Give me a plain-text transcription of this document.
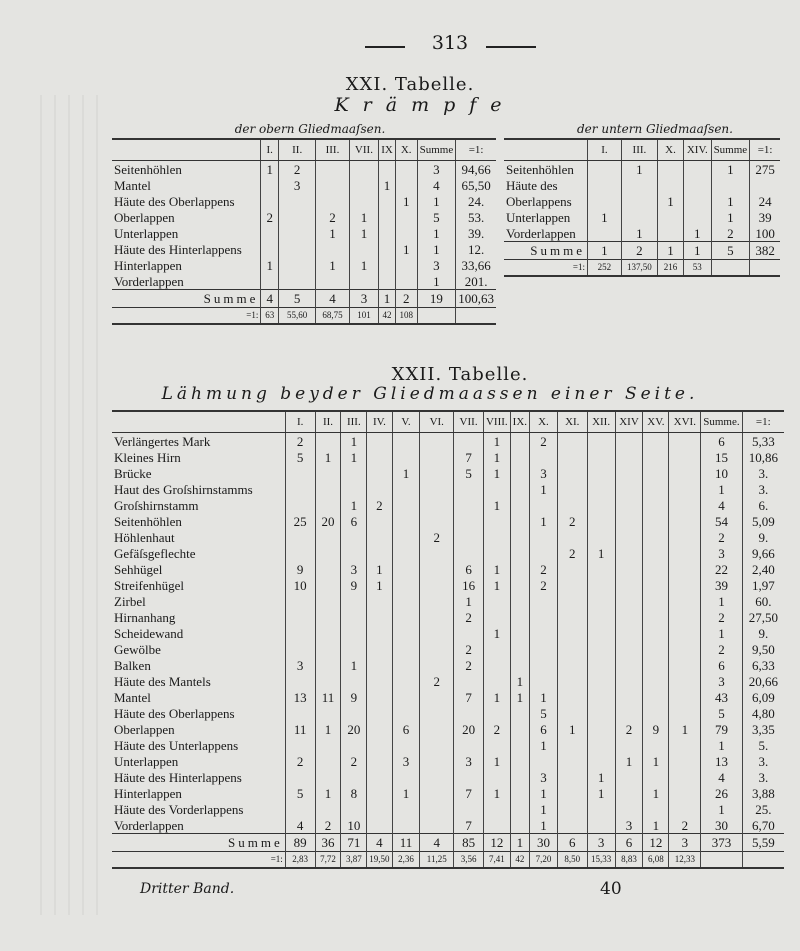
313
XXI. Tabelle.
Krämpfe
der obern Gliedmaaſsen.	der untern Gliedmaaſsen.
	I.	II.	III.	VII.	IX	X.	Summe	=1:
Seitenhöhlen	1	2					3	94,66
Mantel		3			1		4	65,50
Häute des Oberlappens						1	1	24.
Oberlappen	2		2	1			5	53.
Unterlappen			1	1			1	39.
Häute des Hinterlappens						1	1	12.
Hinterlappen	1		1	1			3	33,66
Vorderlappen							1	201.
Summe	4	5	4	3	1	2	19	100,63
=1:	63	55,60	68,75	101	42	108		
	I.	III.	X.	XIV.	Summe	=1:
Seitenhöhlen		1			1	275
Häute des						
Oberlappens			1		1	24
Unterlappen	1				1	39
Vorderlappen		1		1	2	100
Summe	1	2	1	1	5	382
=1:	252	137,50	216	53		
XXII. Tabelle.
Lähmung beyder Gliedmaassen einer Seite.
	I.	II.	III.	IV.	V.	VI.	VII.	VIII.	IX.	X.	XI.	XII.	XIV	XV.	XVI.	Summe.	=1:
Verlängertes Mark	2		1					1		2						6	5,33
Kleines Hirn	5	1	1				7	1								15	10,86
Brücke					1		5	1		3						10	3.
Haut des Groſshirnstamms										1						1	3.
Groſshirnstamm			1	2				1								4	6.
Seitenhöhlen	25	20	6							1	2					54	5,09
Höhlenhaut						2										2	9.
Gefäſsgeflechte											2	1				3	9,66
Sehhügel	9		3	1			6	1		2						22	2,40
Streifenhügel	10		9	1			16	1		2						39	1,97
Zirbel							1									1	60.
Hirnanhang							2									2	27,50
Scheidewand								1								1	9.
Gewölbe							2									2	9,50
Balken	3		1				2									6	6,33
Häute des Mantels						2			1							3	20,66
Mantel	13	11	9				7	1	1	1						43	6,09
Häute des Oberlappens										5						5	4,80
Oberlappen	11	1	20		6		20	2		6	1		2	9	1	79	3,35
Häute des Unterlappens										1						1	5.
Unterlappen	2		2		3		3	1					1	1		13	3.
Häute des Hinterlappens										3		1				4	3.
Hinterlappen	5	1	8		1		7	1		1		1		1		26	3,88
Häute des Vorderlappens										1						1	25.
Vorderlappen	4	2	10				7			1			3	1	2	30	6,70
Summe	89	36	71	4	11	4	85	12	1	30	6	3	6	12	3	373	5,59
=1:	2,83	7,72	3,87	19,50	2,36	11,25	3,56	7,41	42	7,20	8,50	15,33	8,83	6,08	12,33		
Dritter Band.	40
